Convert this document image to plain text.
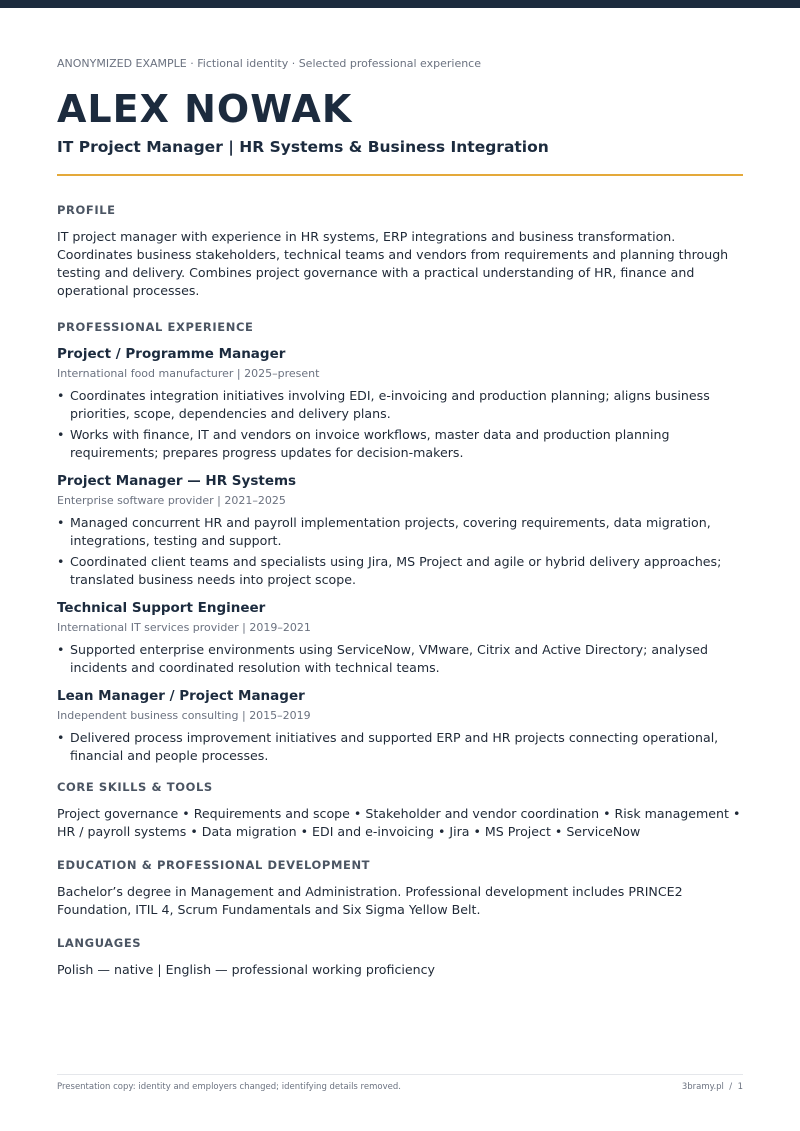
ANONYMIZED EXAMPLE · Fictional identity · Selected professional experience

ALEX NOWAK

IT Project Manager | HR Systems & Business Integration

PROFILE

IT project manager with experience in HR systems, ERP integrations and business transformation. Coordinates business stakeholders, technical teams and vendors from requirements and planning through testing and delivery. Combines project governance with a practical understanding of HR, finance and operational processes.

PROFESSIONAL EXPERIENCE

Project / Programme Manager

International food manufacturer | 2025–present

• Coordinates integration initiatives involving EDI, e-invoicing and production planning; aligns business priorities, scope, dependencies and delivery plans.
• Works with finance, IT and vendors on invoice workflows, master data and production planning requirements; prepares progress updates for decision-makers.

Project Manager — HR Systems

Enterprise software provider | 2021–2025

• Managed concurrent HR and payroll implementation projects, covering requirements, data migration, integrations, testing and support.
• Coordinated client teams and specialists using Jira, MS Project and agile or hybrid delivery approaches; translated business needs into project scope.

Technical Support Engineer

International IT services provider | 2019–2021

• Supported enterprise environments using ServiceNow, VMware, Citrix and Active Directory; analysed incidents and coordinated resolution with technical teams.

Lean Manager / Project Manager

Independent business consulting | 2015–2019

• Delivered process improvement initiatives and supported ERP and HR projects connecting operational, financial and people processes.
CORE SKILLS & TOOLS

Project governance • Requirements and scope • Stakeholder and vendor coordination • Risk management • HR / payroll systems • Data migration • EDI and e-invoicing • Jira • MS Project • ServiceNow

EDUCATION & PROFESSIONAL DEVELOPMENT

Bachelor’s degree in Management and Administration. Professional development includes PRINCE2 Foundation, ITIL 4, Scrum Fundamentals and Six Sigma Yellow Belt.

LANGUAGES

Polish — native | English — professional working proficiency

Presentation copy: identity and employers changed; identifying details removed.	3bramy.pl  /  1
